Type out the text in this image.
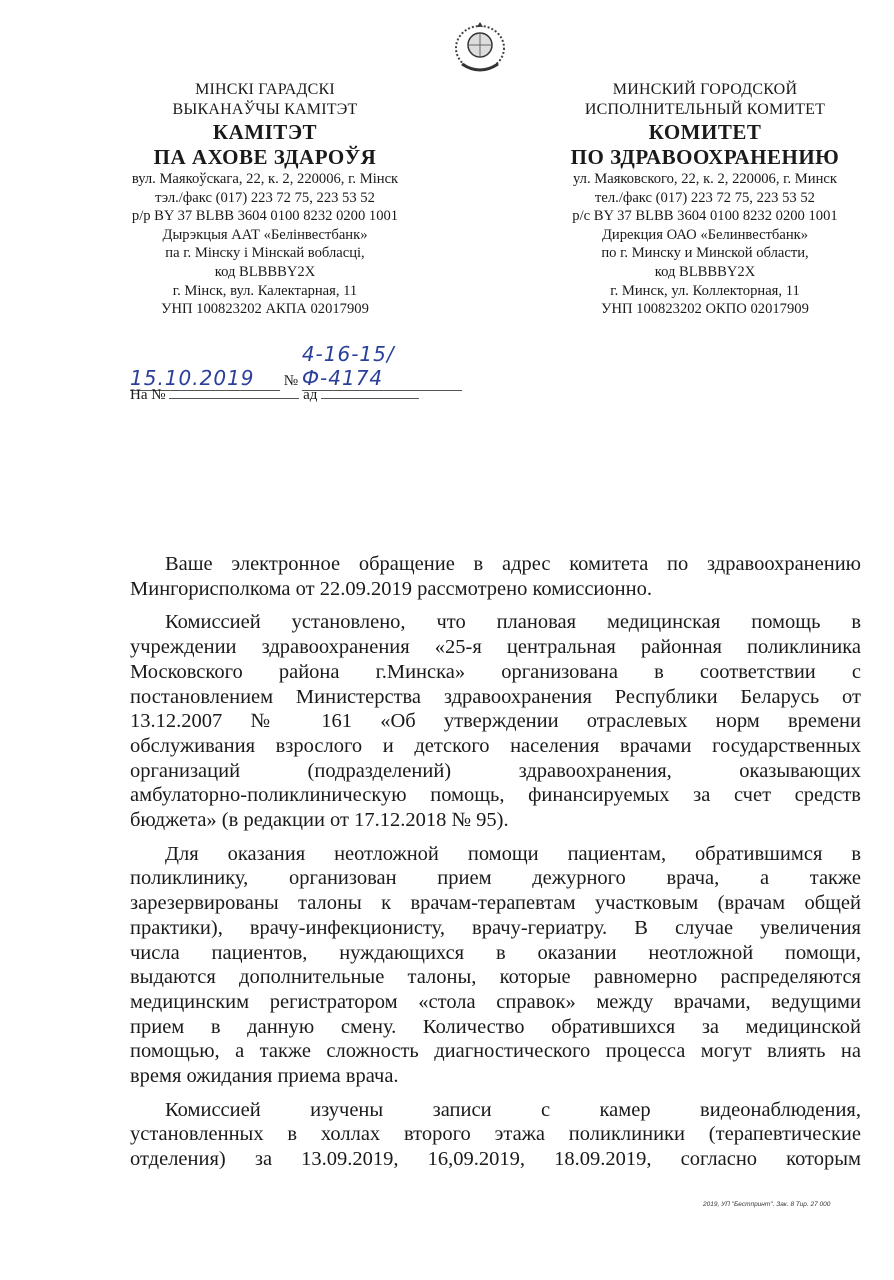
МІНСКІ ГАРАДСКІ
ВЫКАНАЎЧЫ КАМІТЭТ
КАМІТЭТ
ПА АХОВЕ ЗДАРОЎЯ
вул. Маякоўскага, 22, к. 2, 220006, г. Мінск
тэл./факс (017) 223 72 75, 223 53 52
р/р BY 37 BLBB 3604 0100 8232 0200 1001
Дырэкцыя ААТ «Белінвестбанк»
па г. Мінску і Мінскай вобласці,
код BLBBBY2X
г. Мінск, вул. Калектарная, 11
УНП 100823202 АКПА 02017909
МИНСКИЙ ГОРОДСКОЙ
ИСПОЛНИТЕЛЬНЫЙ КОМИТЕТ
КОМИТЕТ
ПО ЗДРАВООХРАНЕНИЮ
ул. Маяковского, 22, к. 2, 220006, г. Минск
тел./факс (017) 223 72 75, 223 53 52
р/с BY 37 BLBB 3604 0100 8232 0200 1001
Дирекция ОАО «Белинвестбанк»
по г. Минску и Минской области,
код BLBBBY2X
г. Минск, ул. Коллекторная, 11
УНП 100823202 ОКПО 02017909
15.10.2019 № 4-16-15/Ф-4174
На №	ад
Ваше электронное обращение в адрес комитета по здравоохранению
Мингорисполкома от 22.09.2019 рассмотрено комиссионно.
Комиссией установлено, что плановая медицинская помощь в
учреждении здравоохранения «25-я центральная районная поликлиника
Московского района г.Минска» организована в соответствии с
постановлением Министерства здравоохранения Республики Беларусь от
13.12.2007 № 161 «Об утверждении отраслевых норм времени
обслуживания взрослого и детского населения врачами государственных
организаций (подразделений) здравоохранения, оказывающих
амбулаторно-поликлиническую помощь, финансируемых за счет средств
бюджета» (в редакции от 17.12.2018 № 95).
Для оказания неотложной помощи пациентам, обратившимся в
поликлинику, организован прием дежурного врача, а также
зарезервированы талоны к врачам-терапевтам участковым (врачам общей
практики), врачу-инфекционисту, врачу-гериатру. В случае увеличения
числа пациентов, нуждающихся в оказании неотложной помощи,
выдаются дополнительные талоны, которые равномерно распределяются
медицинским регистратором «стола справок» между врачами, ведущими
прием в данную смену. Количество обратившихся за медицинской
помощью, а также сложность диагностического процесса могут влиять на
время ожидания приема врача.
Комиссией изучены записи с камер видеонаблюдения,
установленных в холлах второго этажа поликлиники (терапевтические
отделения) за 13.09.2019, 16,09.2019, 18.09.2019, согласно которым
2019, УП "Бестпринт". Зак. 8 Тир. 27 000
